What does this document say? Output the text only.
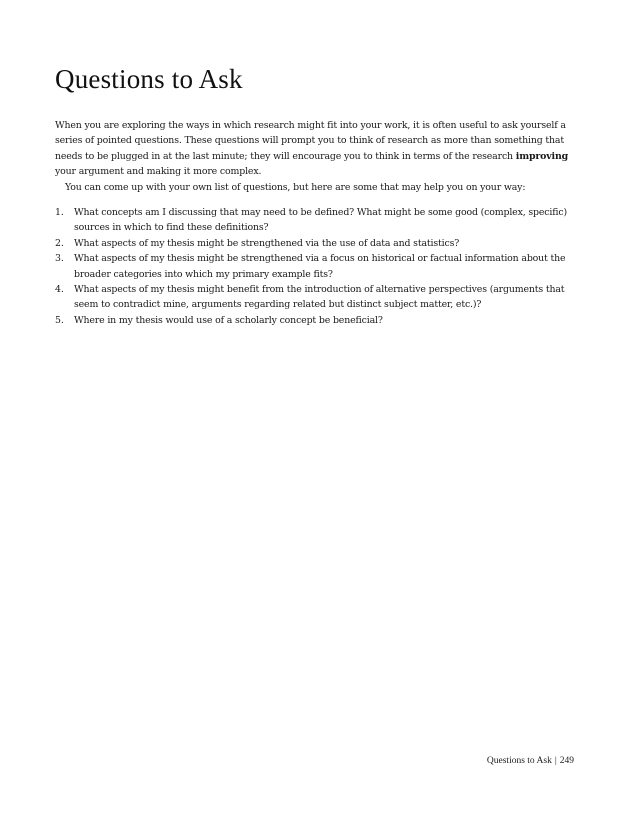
Questions to Ask

When you are exploring the ways in which research might fit into your work, it is often useful to ask yourself a series of pointed questions. These questions will prompt you to think of research as more than something that needs to be plugged in at the last minute; they will encourage you to think in terms of the research improving your argument and making it more complex.

You can come up with your own list of questions, but here are some that may help you on your way:

1. What concepts am I discussing that may need to be defined? What might be some good (complex, specific) sources in which to find these definitions?
2. What aspects of my thesis might be strengthened via the use of data and statistics?
3. What aspects of my thesis might be strengthened via a focus on historical or factual information about the broader categories into which my primary example fits?
4. What aspects of my thesis might benefit from the introduction of alternative perspectives (arguments that seem to contradict mine, arguments regarding related but distinct subject matter, etc.)?
5. Where in my thesis would use of a scholarly concept be beneficial?
Questions to Ask | 249
